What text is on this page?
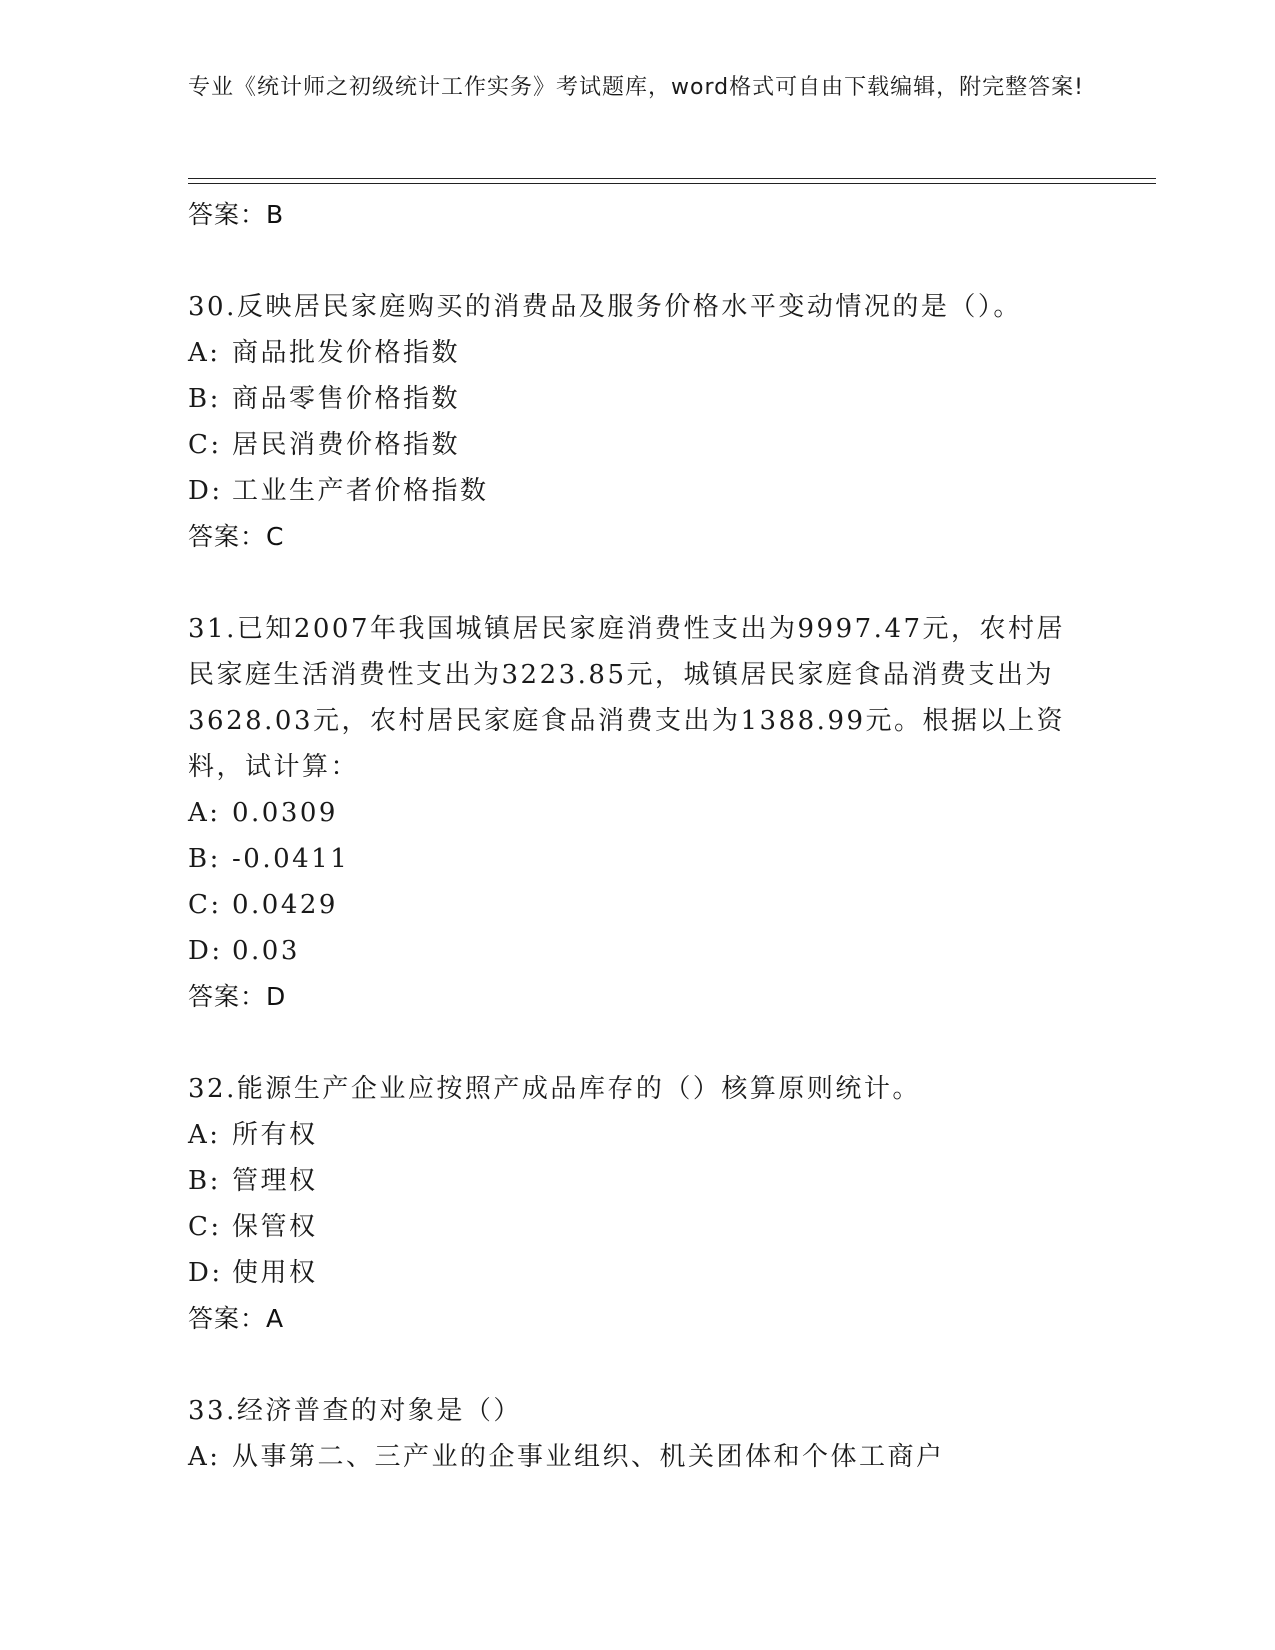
专业《统计师之初级统计工作实务》考试题库，word格式可自由下载编辑，附完整答案!
答案：B
30.反映居民家庭购买的消费品及服务价格水平变动情况的是（）。
A: 商品批发价格指数
B: 商品零售价格指数
C: 居民消费价格指数
D: 工业生产者价格指数
答案：C
31.已知2007年我国城镇居民家庭消费性支出为9997.47元，农村居民家庭生活消费性支出为3223.85元，城镇居民家庭食品消费支出为3628.03元，农村居民家庭食品消费支出为1388.99元。根据以上资料，试计算：
A: 0.0309
B: -0.0411
C: 0.0429
D: 0.03
答案：D
32.能源生产企业应按照产成品库存的（）核算原则统计。
A: 所有权
B: 管理权
C: 保管权
D: 使用权
答案：A
33.经济普查的对象是（）
A: 从事第二、三产业的企事业组织、机关团体和个体工商户
